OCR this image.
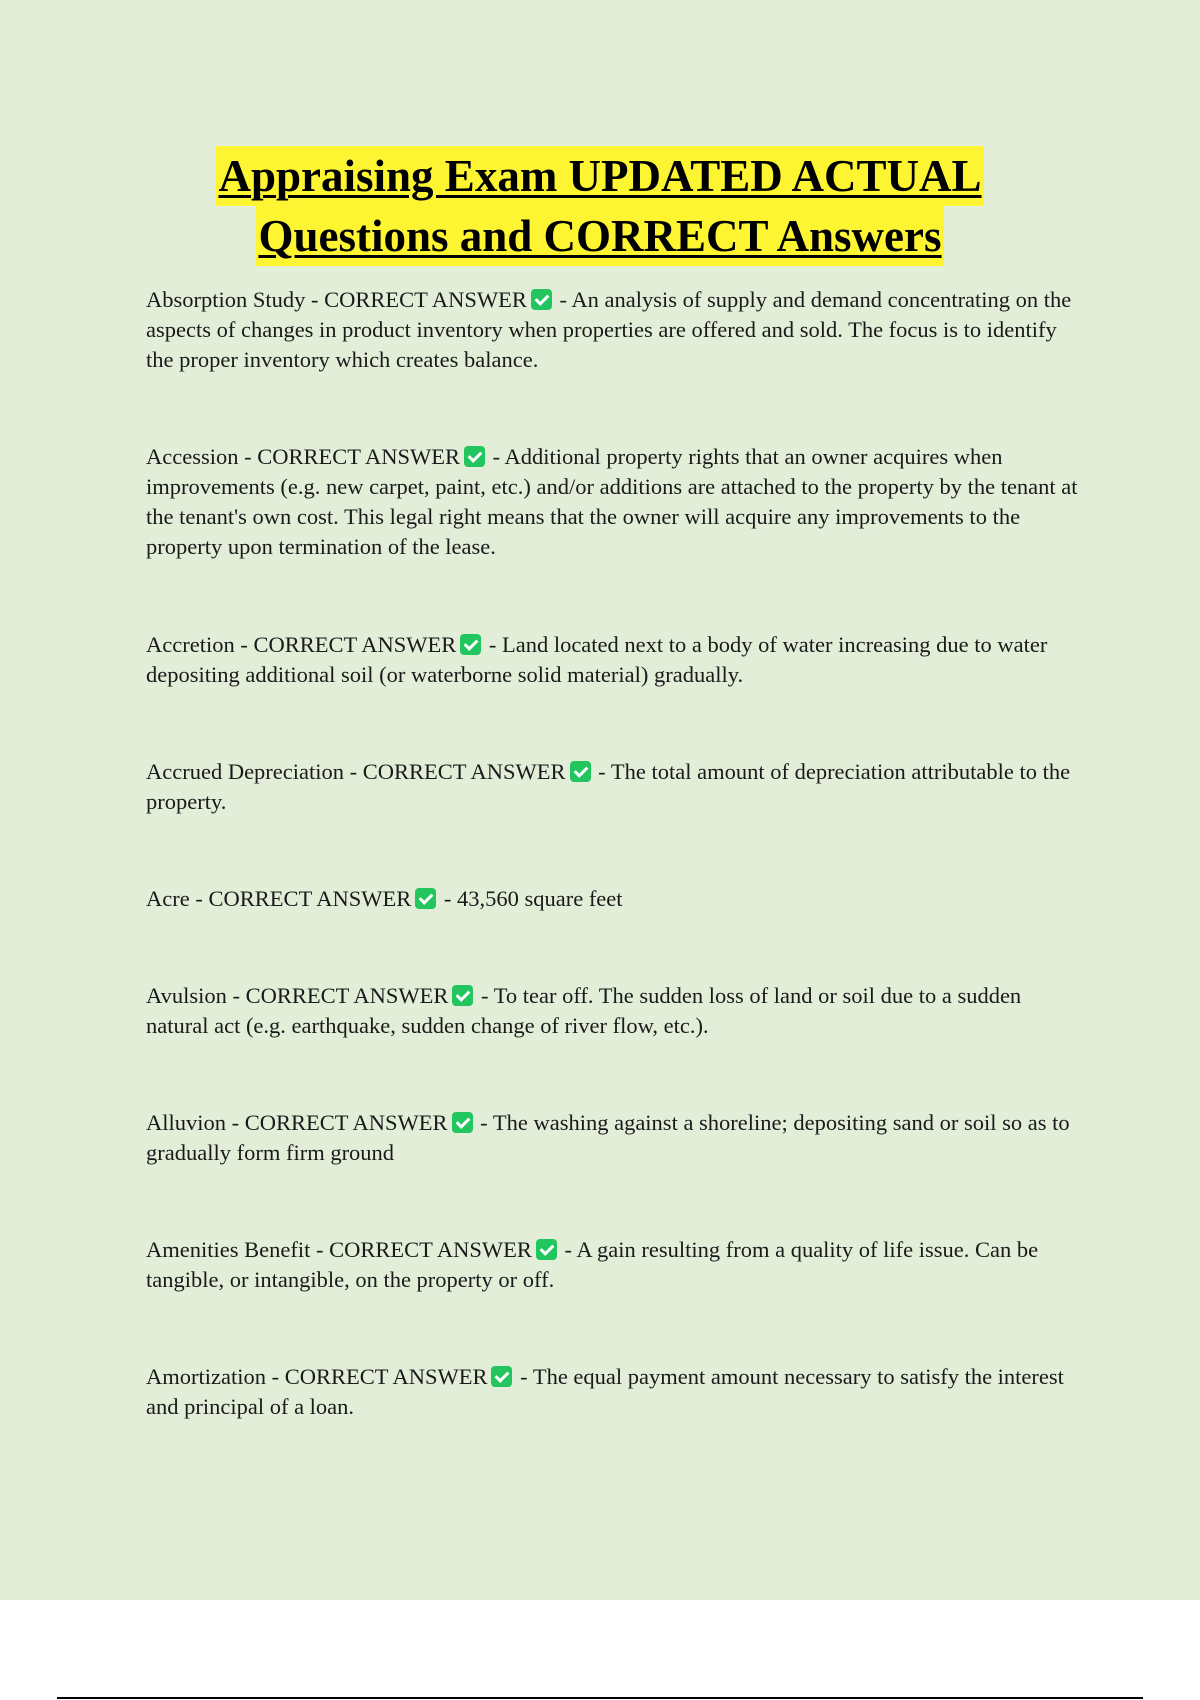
Appraising Exam UPDATED ACTUAL
Questions and CORRECT Answers

Absorption Study - CORRECT ANSWER - An analysis of supply and demand concentrating on the aspects of changes in product inventory when properties are offered and sold. The focus is to identify the proper inventory which creates balance.

Accession - CORRECT ANSWER - Additional property rights that an owner acquires when improvements (e.g. new carpet, paint, etc.) and/or additions are attached to the property by the tenant at the tenant's own cost. This legal right means that the owner will acquire any improvements to the property upon termination of the lease.

Accretion - CORRECT ANSWER - Land located next to a body of water increasing due to water depositing additional soil (or waterborne solid material) gradually.

Accrued Depreciation - CORRECT ANSWER - The total amount of depreciation attributable to the property.

Acre - CORRECT ANSWER - 43,560 square feet

Avulsion - CORRECT ANSWER - To tear off. The sudden loss of land or soil due to a sudden natural act (e.g. earthquake, sudden change of river flow, etc.).

Alluvion - CORRECT ANSWER - The washing against a shoreline; depositing sand or soil so as to gradually form firm ground

Amenities Benefit - CORRECT ANSWER - A gain resulting from a quality of life issue. Can be tangible, or intangible, on the property or off.

Amortization - CORRECT ANSWER - The equal payment amount necessary to satisfy the interest and principal of a loan.
